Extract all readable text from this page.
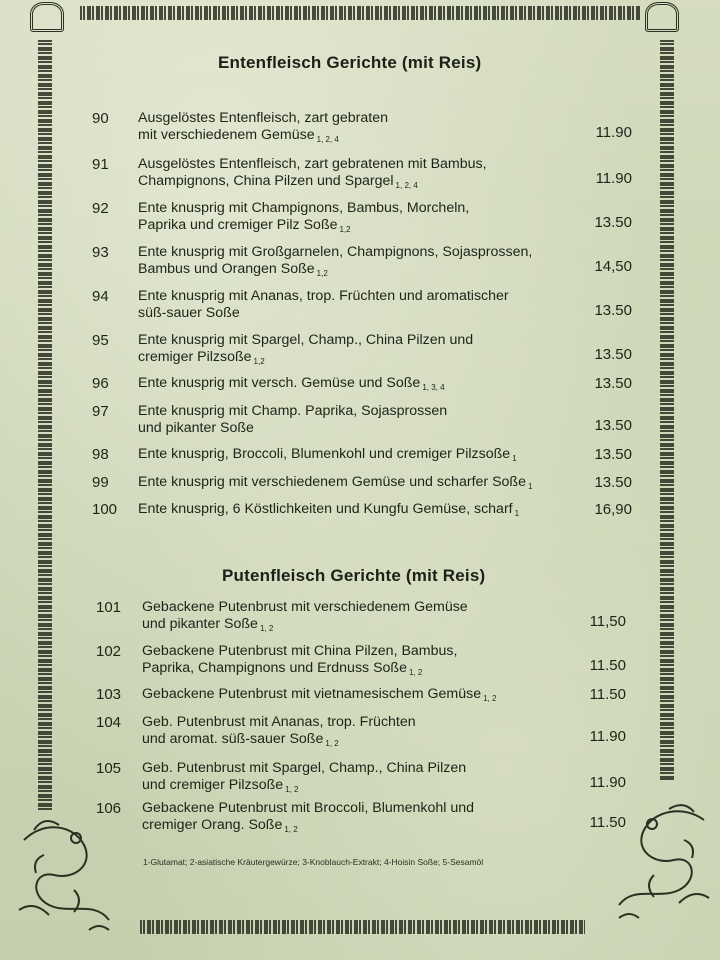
Entenfleisch Gerichte (mit Reis)
90	Ausgelöstes Entenfleisch, zart gebraten
mit verschiedenem Gemüse $_{1, 2, 4}$	11.90
91	Ausgelöstes Entenfleisch, zart gebratenen mit Bambus,
Champignons, China Pilzen und Spargel $_{1, 2, 4}$	11.90
92	Ente knusprig mit Champignons, Bambus, Morcheln,
Paprika und cremiger Pilz Soße $_{1,2}$	13.50
93	Ente knusprig mit Großgarnelen, Champignons, Sojasprossen,
Bambus und Orangen Soße $_{1,2}$	14,50
94	Ente knusprig mit Ananas, trop. Früchten und aromatischer
süß-sauer Soße	13.50
95	Ente knusprig mit Spargel, Champ., China Pilzen und
cremiger Pilzsoße $_{1,2}$	13.50
96	Ente knusprig mit versch. Gemüse und Soße $_{1, 3, 4}$	13.50
97	Ente knusprig mit Champ. Paprika, Sojasprossen
und pikanter Soße	13.50
98	Ente knusprig, Broccoli, Blumenkohl und cremiger Pilzsoße $_1$	13.50
99	Ente knusprig mit verschiedenem Gemüse und scharfer Soße $_1$	13.50
100	Ente knusprig, 6 Köstlichkeiten und Kungfu Gemüse, scharf $_1$	16,90
Putenfleisch Gerichte (mit Reis)
101	Gebackene Putenbrust mit verschiedenem Gemüse
und pikanter Soße $_{1, 2}$	11,50
102	Gebackene Putenbrust mit China Pilzen, Bambus,
Paprika, Champignons und Erdnuss Soße $_{1, 2}$	11.50
103	Gebackene Putenbrust mit vietnamesischem Gemüse $_{1, 2}$	11.50
104	Geb. Putenbrust mit Ananas, trop. Früchten
und aromat. süß-sauer Soße $_{1, 2}$	11.90
105	Geb. Putenbrust mit Spargel, Champ., China Pilzen
und cremiger Pilzsoße $_{1, 2}$	11.90
106	Gebackene Putenbrust mit Broccoli, Blumenkohl und
cremiger Orang. Soße $_{1, 2}$	11.50
1-Glutamat; 2-asiatische Kräutergewürze; 3-Knoblauch-Extrakt; 4-Hoisin Soße; 5-Sesamöl
